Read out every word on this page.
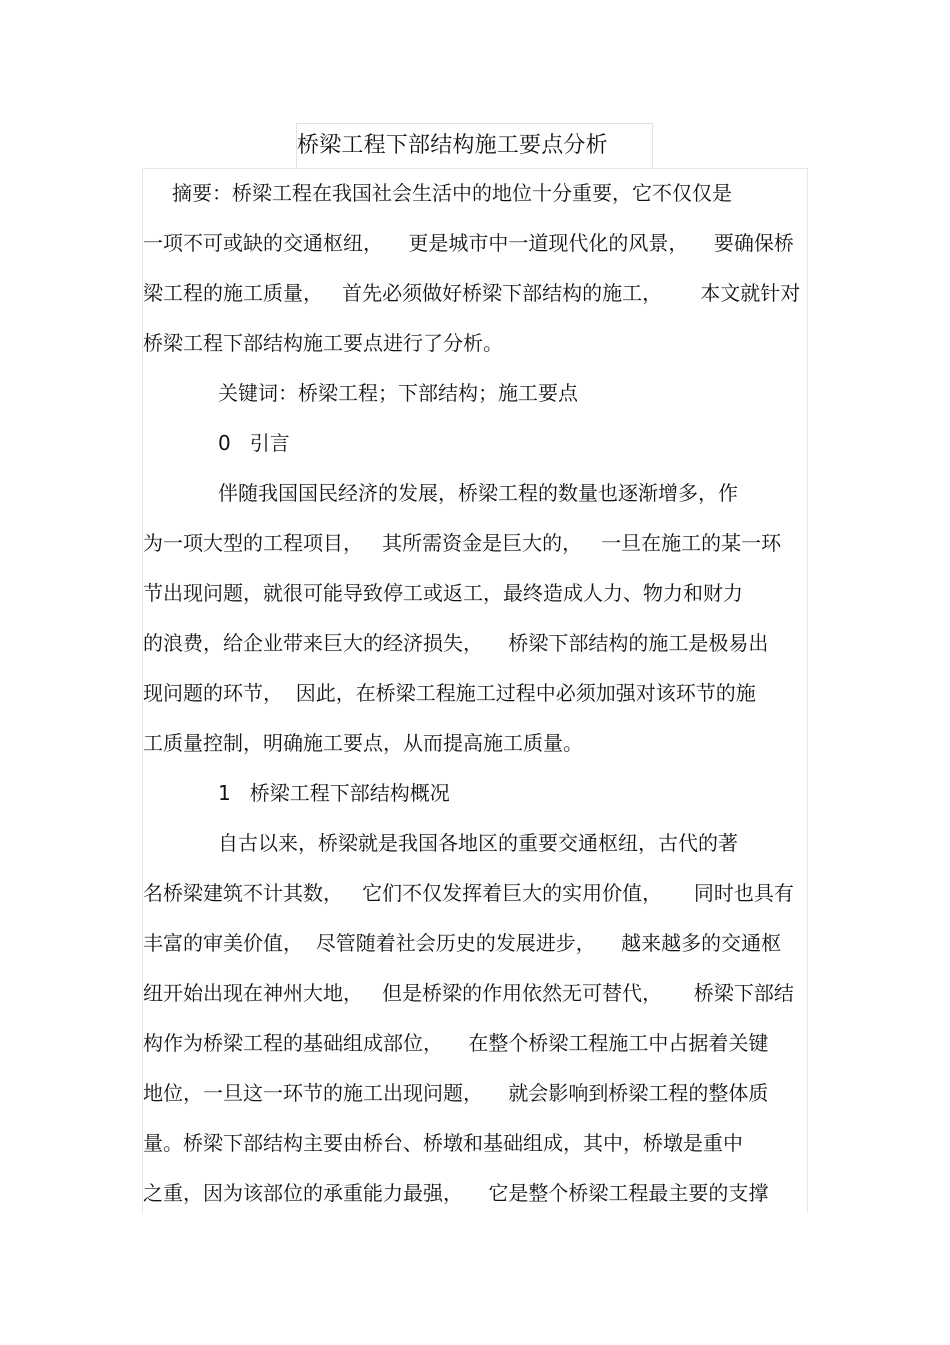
桥梁工程下部结构施工要点分析
摘要：桥梁工程在我国社会生活中的地位十分重要，它不仅仅是
一项不可或缺的交通枢纽，    更是城市中一道现代化的风景，    要确保桥
梁工程的施工质量，   首先必须做好桥梁下部结构的施工，      本文就针对
桥梁工程下部结构施工要点进行了分析。
关键词：桥梁工程；下部结构；施工要点
0   引言
伴随我国国民经济的发展，桥梁工程的数量也逐渐增多，作
为一项大型的工程项目，   其所需资金是巨大的，   一旦在施工的某一环
节出现问题，就很可能导致停工或返工，最终造成人力、物力和财力
的浪费，给企业带来巨大的经济损失，    桥梁下部结构的施工是极易出
现问题的环节，  因此，在桥梁工程施工过程中必须加强对该环节的施
工质量控制，明确施工要点，从而提高施工质量。
1   桥梁工程下部结构概况
自古以来，桥梁就是我国各地区的重要交通枢纽，古代的著
名桥梁建筑不计其数，   它们不仅发挥着巨大的实用价值，     同时也具有
丰富的审美价值，  尽管随着社会历史的发展进步，    越来越多的交通枢
纽开始出现在神州大地，   但是桥梁的作用依然无可替代，     桥梁下部结
构作为桥梁工程的基础组成部位，    在整个桥梁工程施工中占据着关键
地位，一旦这一环节的施工出现问题，    就会影响到桥梁工程的整体质
量。桥梁下部结构主要由桥台、桥墩和基础组成，其中，桥墩是重中
之重，因为该部位的承重能力最强，    它是整个桥梁工程最主要的支撑
